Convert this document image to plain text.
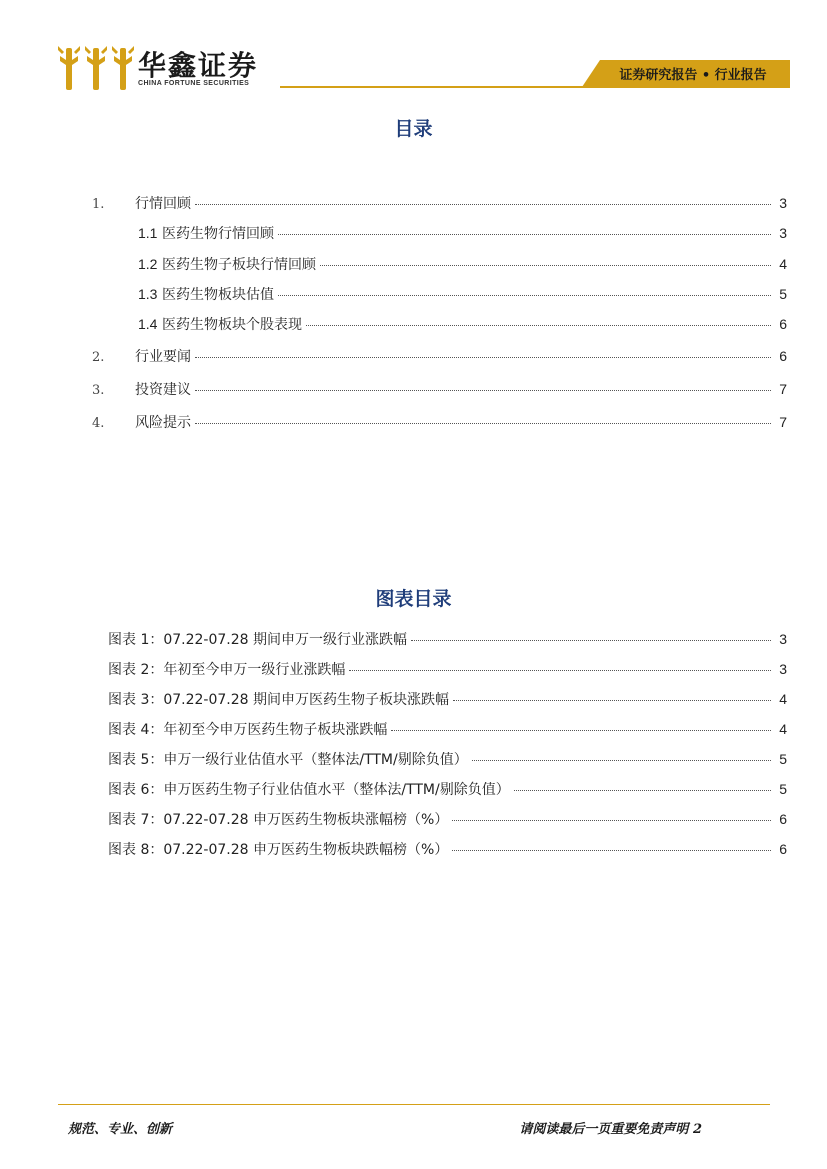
华鑫证券
CHINA FORTUNE SECURITIES
证券研究报告 • 行业报告
目录
1.	行情回顾	3
1.1 医药生物行情回顾	3
1.2 医药生物子板块行情回顾	4
1.3 医药生物板块估值	5
1.4 医药生物板块个股表现	6
2.	行业要闻	6
3.	投资建议	7
4.	风险提示	7
图表目录
图表 1：07.22-07.28 期间申万一级行业涨跌幅	3
图表 2：年初至今申万一级行业涨跌幅	3
图表 3：07.22-07.28 期间申万医药生物子板块涨跌幅	4
图表 4：年初至今申万医药生物子板块涨跌幅	4
图表 5：申万一级行业估值水平（整体法/TTM/剔除负值）	5
图表 6：申万医药生物子行业估值水平（整体法/TTM/剔除负值）	5
图表 7：07.22-07.28 申万医药生物板块涨幅榜（%）	6
图表 8：07.22-07.28 申万医药生物板块跌幅榜（%）	6
规范、专业、创新	请阅读最后一页重要免责声明 2
